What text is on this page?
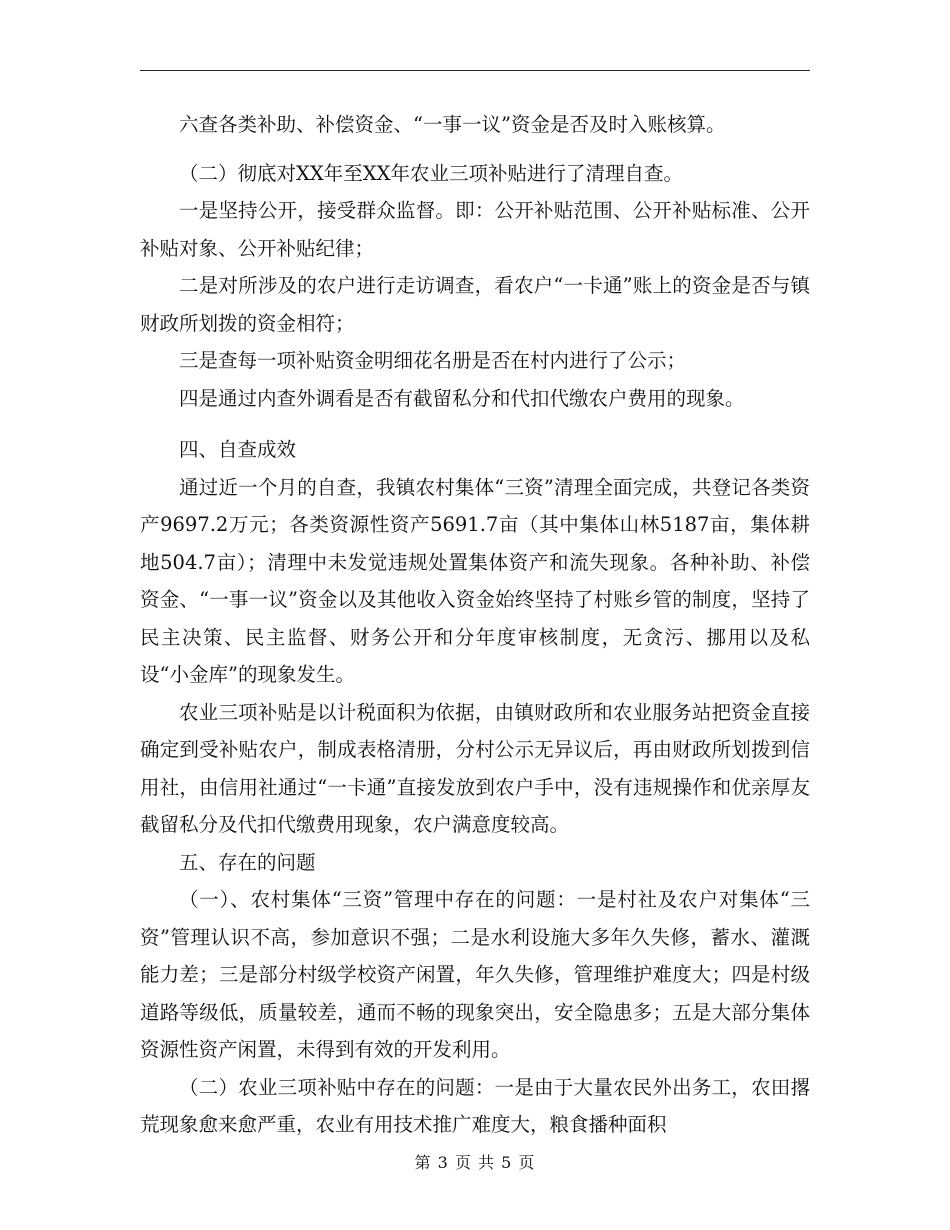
六查各类补助、补偿资金、“一事一议”资金是否及时入账核算。

（二）彻底对XX年至XX年农业三项补贴进行了清理自查。

一是坚持公开，接受群众监督。即：公开补贴范围、公开补贴标准、公开补贴对象、公开补贴纪律；

二是对所涉及的农户进行走访调查，看农户“一卡通”账上的资金是否与镇财政所划拨的资金相符；

三是查每一项补贴资金明细花名册是否在村内进行了公示；

四是通过内查外调看是否有截留私分和代扣代缴农户费用的现象。

四、自查成效

通过近一个月的自查，我镇农村集体“三资”清理全面完成，共登记各类资产9697.2万元；各类资源性资产5691.7亩（其中集体山林5187亩，集体耕地504.7亩）；清理中未发觉违规处置集体资产和流失现象。各种补助、补偿资金、“一事一议”资金以及其他收入资金始终坚持了村账乡管的制度，坚持了民主决策、民主监督、财务公开和分年度审核制度，无贪污、挪用以及私设“小金库”的现象发生。

农业三项补贴是以计税面积为依据，由镇财政所和农业服务站把资金直接确定到受补贴农户，制成表格清册，分村公示无异议后，再由财政所划拨到信用社，由信用社通过“一卡通”直接发放到农户手中，没有违规操作和优亲厚友截留私分及代扣代缴费用现象，农户满意度较高。

五、存在的问题

（一）、农村集体“三资”管理中存在的问题：一是村社及农户对集体“三资”管理认识不高，参加意识不强；二是水利设施大多年久失修，蓄水、灌溉能力差；三是部分村级学校资产闲置，年久失修，管理维护难度大；四是村级道路等级低，质量较差，通而不畅的现象突出，安全隐患多；五是大部分集体资源性资产闲置，未得到有效的开发利用。

（二）农业三项补贴中存在的问题：一是由于大量农民外出务工，农田撂荒现象愈来愈严重，农业有用技术推广难度大，粮食播种面积

第 3 页 共 5 页
